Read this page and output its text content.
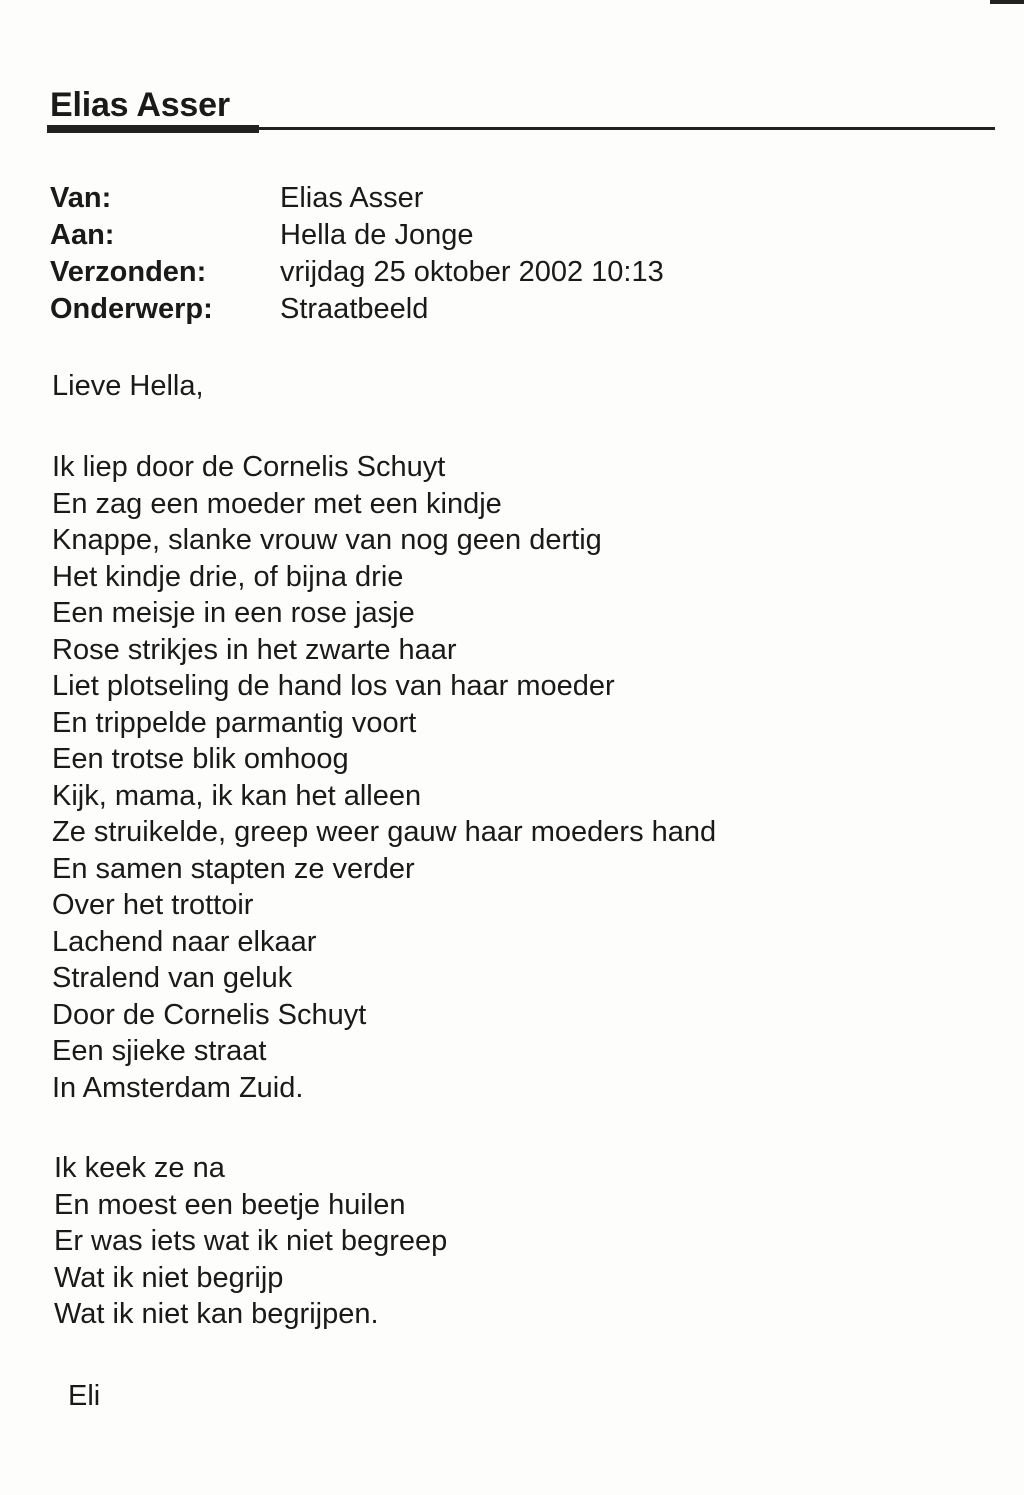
Elias Asser
Van:	Elias Asser
Aan:	Hella de Jonge
Verzonden:	vrijdag 25 oktober 2002 10:13
Onderwerp:	Straatbeeld

Lieve Hella,

Ik liep door de Cornelis Schuyt
En zag een moeder met een kindje
Knappe, slanke vrouw van nog geen dertig
Het kindje drie, of bijna drie
Een meisje in een rose jasje
Rose strikjes in het zwarte haar
Liet plotseling de hand los van haar moeder
En trippelde parmantig voort
Een trotse blik omhoog
Kijk, mama, ik kan het alleen
Ze struikelde, greep weer gauw haar moeders hand
En samen stapten ze verder
Over het trottoir
Lachend naar elkaar
Stralend van geluk
Door de Cornelis Schuyt
Een sjieke straat
In Amsterdam Zuid.

Ik keek ze na
En moest een beetje huilen
Er was iets wat ik niet begreep
Wat ik niet begrijp
Wat ik niet kan begrijpen.

Eli
